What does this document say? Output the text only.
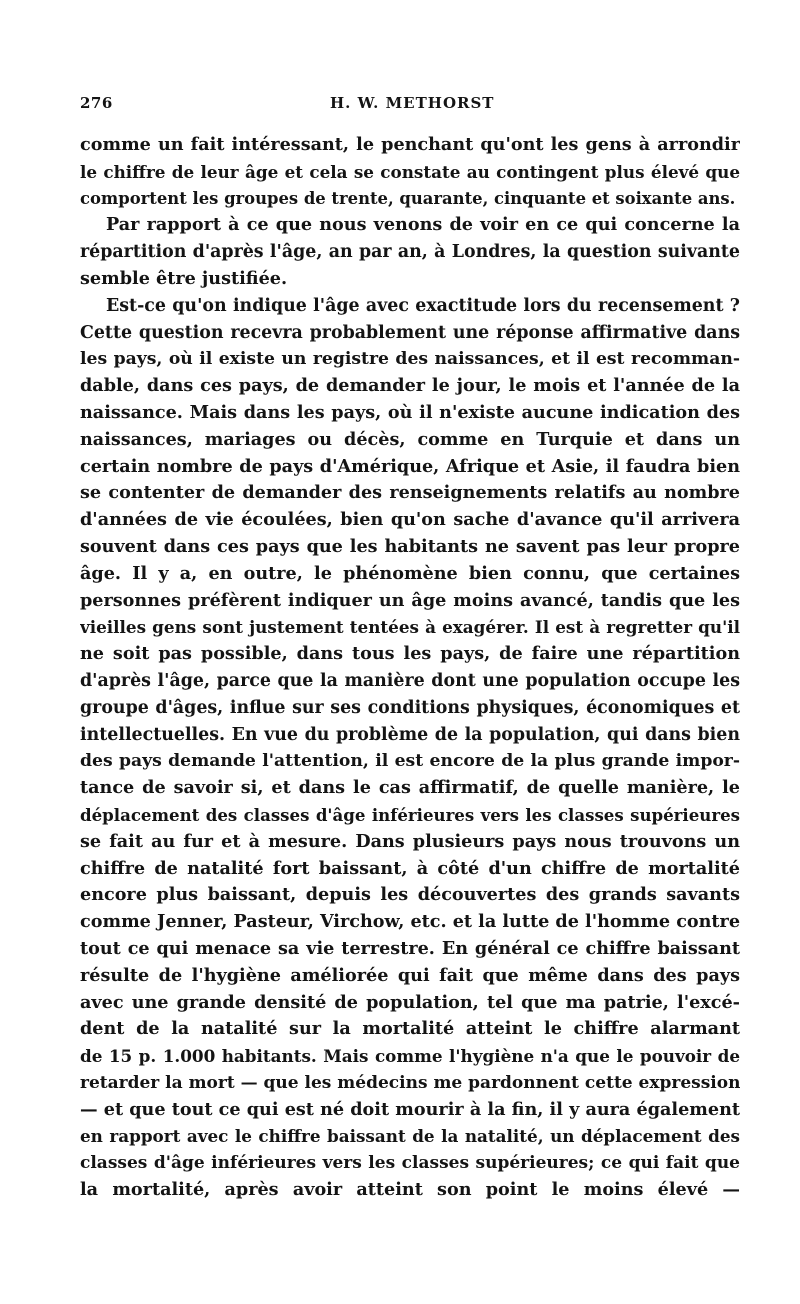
276	H. W. METHORST
comme un fait intéressant, le penchant qu'ont les gens à arrondir
le chiffre de leur âge et cela se constate au contingent plus élevé que
comportent les groupes de trente, quarante, cinquante et soixante ans.
Par rapport à ce que nous venons de voir en ce qui concerne la
répartition d'après l'âge, an par an, à Londres, la question suivante
semble être justifiée.
Est-ce qu'on indique l'âge avec exactitude lors du recensement ?
Cette question recevra probablement une réponse affirmative dans
les pays, où il existe un registre des naissances, et il est recomman-
dable, dans ces pays, de demander le jour, le mois et l'année de la
naissance. Mais dans les pays, où il n'existe aucune indication des
naissances, mariages ou décès, comme en Turquie et dans un
certain nombre de pays d'Amérique, Afrique et Asie, il faudra bien
se contenter de demander des renseignements relatifs au nombre
d'années de vie écoulées, bien qu'on sache d'avance qu'il arrivera
souvent dans ces pays que les habitants ne savent pas leur propre
âge. Il y a, en outre, le phénomène bien connu, que certaines
personnes préfèrent indiquer un âge moins avancé, tandis que les
vieilles gens sont justement tentées à exagérer. Il est à regretter qu'il
ne soit pas possible, dans tous les pays, de faire une répartition
d'après l'âge, parce que la manière dont une population occupe les
groupe d'âges, influe sur ses conditions physiques, économiques et
intellectuelles. En vue du problème de la population, qui dans bien
des pays demande l'attention, il est encore de la plus grande impor-
tance de savoir si, et dans le cas affirmatif, de quelle manière, le
déplacement des classes d'âge inférieures vers les classes supérieures
se fait au fur et à mesure. Dans plusieurs pays nous trouvons un
chiffre de natalité fort baissant, à côté d'un chiffre de mortalité
encore plus baissant, depuis les découvertes des grands savants
comme Jenner, Pasteur, Virchow, etc. et la lutte de l'homme contre
tout ce qui menace sa vie terrestre. En général ce chiffre baissant
résulte de l'hygiène améliorée qui fait que même dans des pays
avec une grande densité de population, tel que ma patrie, l'excé-
dent de la natalité sur la mortalité atteint le chiffre alarmant
de 15 p. 1.000 habitants. Mais comme l'hygiène n'a que le pouvoir de
retarder la mort — que les médecins me pardonnent cette expression
— et que tout ce qui est né doit mourir à la fin, il y aura également
en rapport avec le chiffre baissant de la natalité, un déplacement des
classes d'âge inférieures vers les classes supérieures; ce qui fait que
la mortalité, après avoir atteint son point le moins élevé —
